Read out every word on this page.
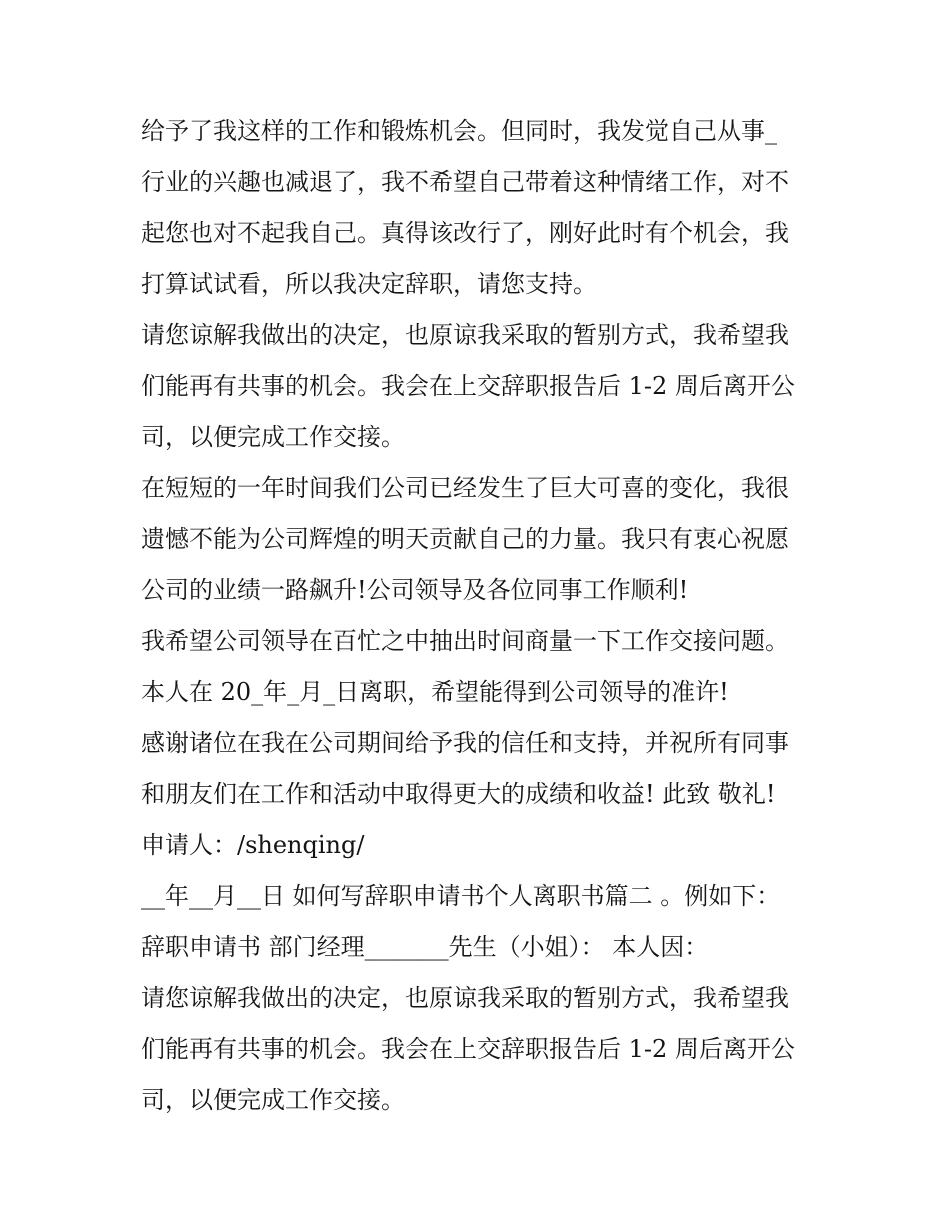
给予了我这样的工作和锻炼机会。但同时，我发觉自己从事_
行业的兴趣也减退了，我不希望自己带着这种情绪工作，对不
起您也对不起我自己。真得该改行了，刚好此时有个机会，我
打算试试看，所以我决定辞职，请您支持。
请您谅解我做出的决定，也原谅我采取的暂别方式，我希望我
们能再有共事的机会。我会在上交辞职报告后 1-2 周后离开公
司，以便完成工作交接。
在短短的一年时间我们公司已经发生了巨大可喜的变化，我很
遗憾不能为公司辉煌的明天贡献自己的力量。我只有衷心祝愿
公司的业绩一路飙升!公司领导及各位同事工作顺利!
我希望公司领导在百忙之中抽出时间商量一下工作交接问题。
本人在 20_年_月_日离职，希望能得到公司领导的准许!
感谢诸位在我在公司期间给予我的信任和支持，并祝所有同事
和朋友们在工作和活动中取得更大的成绩和收益! 此致 敬礼!
申请人：/shenqing/
__年__月__日 如何写辞职申请书个人离职书篇二 。例如下：
辞职申请书 部门经理_______先生（小姐）： 本人因：
请您谅解我做出的决定，也原谅我采取的暂别方式，我希望我
们能再有共事的机会。我会在上交辞职报告后 1-2 周后离开公
司，以便完成工作交接。
